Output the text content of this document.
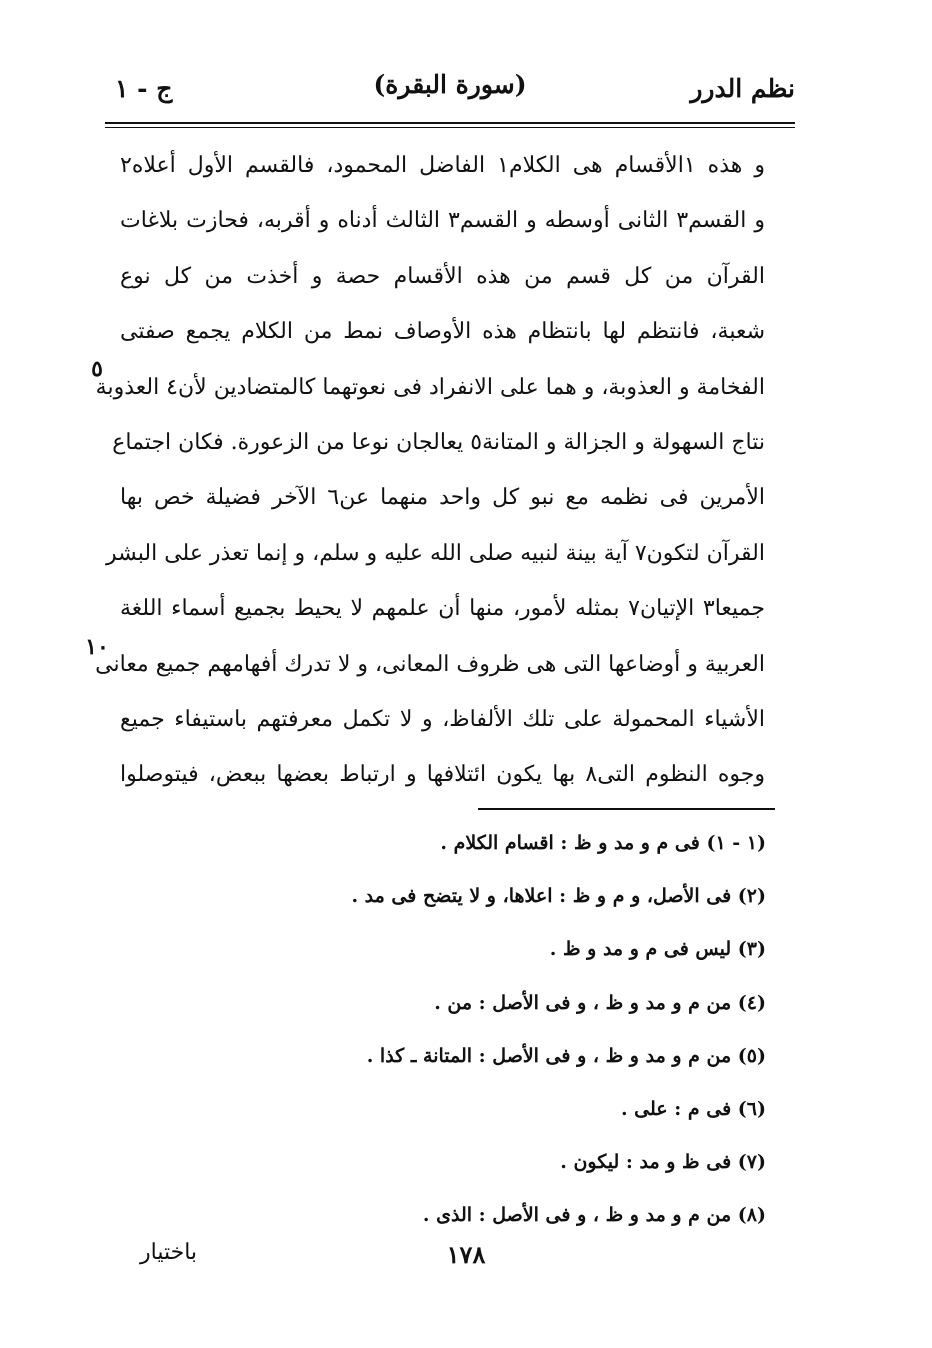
نظم الدرر
(سورة البقرة)
ج - ١
و هذه ١الأقسام هى الكلام١ الفاضل المحمود، فالقسم الأول أعلاه٢
و القسم٣ الثانى أوسطه و القسم٣ الثالث أدناه و أقربه، فحازت بلاغات
القرآن من كل قسم من هذه الأقسام حصة و أخذت من كل نوع
شعبة، فانتظم لها بانتظام هذه الأوصاف نمط من الكلام يجمع صفتى
الفخامة و العذوبة، و هما على الانفراد فى نعوتهما كالمتضادين لأن٤ العذوبة
نتاج السهولة و الجزالة و المتانة٥ يعالجان نوعا من الزعورة. فكان اجتماع
الأمرين فى نظمه مع نبو كل واحد منهما عن٦ الآخر فضيلة خص بها
القرآن لتكون٧ آية بينة لنبيه صلى الله عليه و سلم، و إنما تعذر على البشر
جميعا٣ الإتيان٧ بمثله لأمور، منها أن علمهم لا يحيط بجميع أسماء اللغة
العربية و أوضاعها التى هى ظروف المعانى، و لا تدرك أفهامهم جميع معانى
الأشياء المحمولة على تلك الألفاظ، و لا تكمل معرفتهم باستيفاء جميع
وجوه النظوم التى٨ بها يكون ائتلافها و ارتباط بعضها ببعض، فيتوصلوا
٥
١٠
(١ - ١) فى م و مد و ظ : اقسام الكلام .
(٢) فى الأصل، و م و ظ : اعلاها، و لا يتضح فى مد .
(٣) ليس فى م و مد و ظ .
(٤) من م و مد و ظ ، و فى الأصل : من .
(٥) من م و مد و ظ ، و فى الأصل : المتانة ـ كذا .
(٦) فى م : على .
(٧) فى ظ و مد : ليكون .
(٨) من م و مد و ظ ، و فى الأصل : الذى .
١٧٨
باختيار
